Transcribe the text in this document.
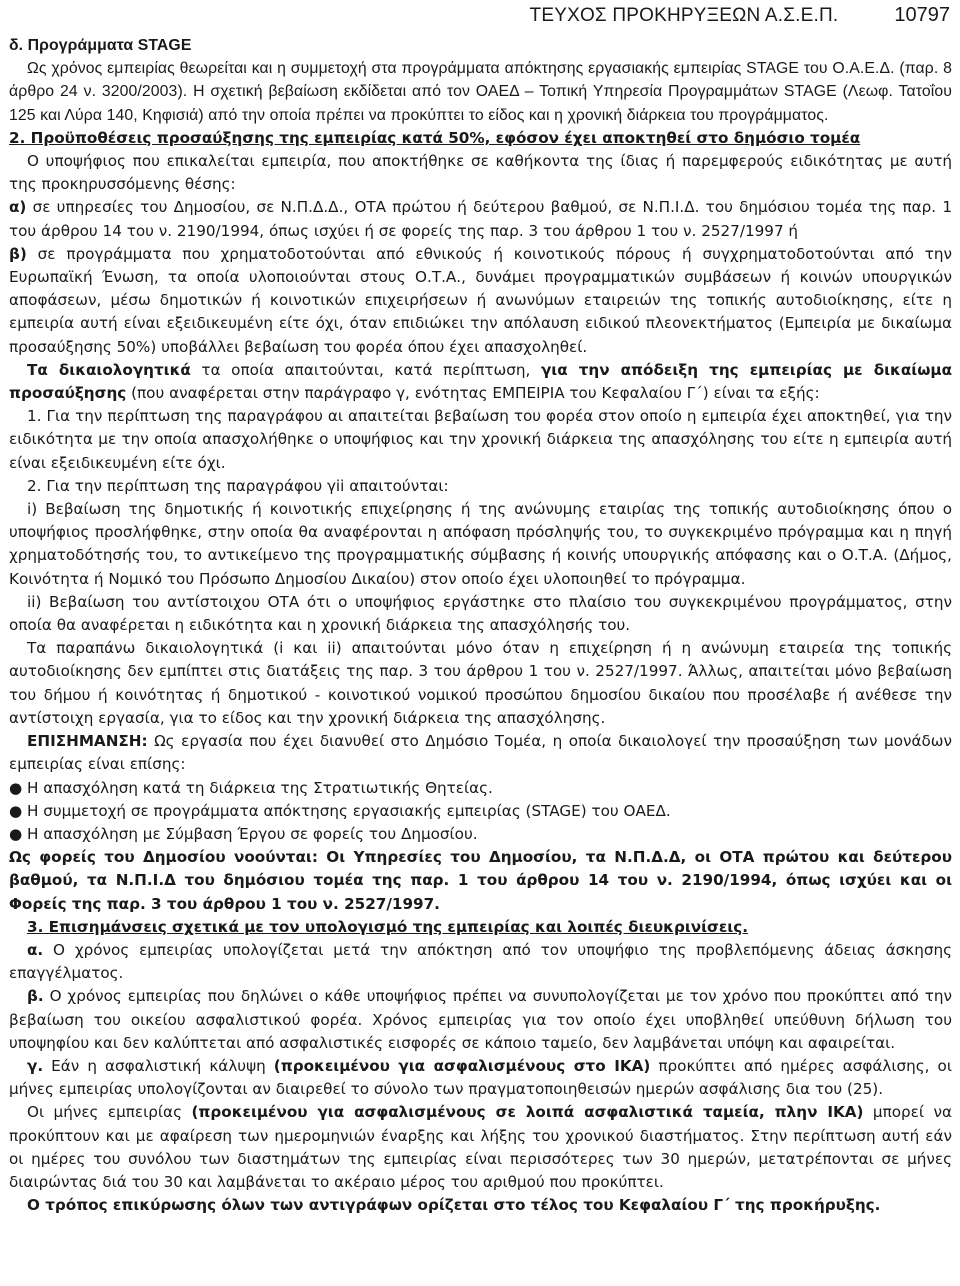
ΤΕΥΧΟΣ ΠΡΟΚΗΡΥΞΕΩΝ Α.Σ.Ε.Π.	10797

δ. Προγράμματα STAGE

Ως χρόνος εμπειρίας θεωρείται και η συμμετοχή στα προγράμματα απόκτησης εργασιακής εμπειρίας STAGE του Ο.Α.Ε.Δ. (παρ. 8 άρθρο 24 ν. 3200/2003). Η σχετική βεβαίωση εκδίδεται από τον ΟΑΕΔ – Τοπική Υπηρεσία Προγραμμάτων STAGE (Λεωφ. Τατοΐου 125 και Λύρα 140, Κηφισιά) από την οποία πρέπει να προκύπτει το είδος και η χρονική διάρκεια του προγράμματος.

2. Προϋποθέσεις προσαύξησης της εμπειρίας κατά 50%, εφόσον έχει αποκτηθεί στο δημόσιο τομέα

Ο υποψήφιος που επικαλείται εμπειρία, που αποκτήθηκε σε καθήκοντα της ίδιας ή παρεμφερούς ειδικότητας με αυτή της προκηρυσσόμενης θέσης:

α) σε υπηρεσίες του Δημοσίου, σε Ν.Π.Δ.Δ., ΟΤΑ πρώτου ή δεύτερου βαθμού, σε Ν.Π.Ι.Δ. του δημόσιου τομέα της παρ. 1 του άρθρου 14 του ν. 2190/1994, όπως ισχύει ή σε φορείς της παρ. 3 του άρθρου 1 του ν. 2527/1997 ή

β) σε προγράμματα που χρηματοδοτούνται από εθνικούς ή κοινοτικούς πόρους ή συγχρηματοδοτούνται από την Ευρωπαϊκή Ένωση, τα οποία υλοποιούνται στους Ο.Τ.Α., δυνάμει προγραμματικών συμβάσεων ή κοινών υπουργικών αποφάσεων, μέσω δημοτικών ή κοινοτικών επιχειρήσεων ή ανωνύμων εταιρειών της τοπικής αυτοδιοίκησης, είτε η εμπειρία αυτή είναι εξειδικευμένη είτε όχι, όταν επιδιώκει την απόλαυση ειδικού πλεονεκτήματος (Εμπειρία με δικαίωμα προσαύξησης 50%) υποβάλλει βεβαίωση του φορέα όπου έχει απασχοληθεί.

Τα δικαιολογητικά τα οποία απαιτούνται, κατά περίπτωση, για την απόδειξη της εμπειρίας με δικαίωμα προσαύξησης (που αναφέρεται στην παράγραφο γ, ενότητας ΕΜΠΕΙΡΙΑ του Κεφαλαίου Γ΄) είναι τα εξής:

1. Για την περίπτωση της παραγράφου αι απαιτείται βεβαίωση του φορέα στον οποίο η εμπειρία έχει αποκτηθεί, για την ειδικότητα με την οποία απασχολήθηκε ο υποψήφιος και την χρονική διάρκεια της απασχόλησης του είτε η εμπειρία αυτή είναι εξειδικευμένη είτε όχι.

2. Για την περίπτωση της παραγράφου γii απαιτούνται:

i) Βεβαίωση της δημοτικής ή κοινοτικής επιχείρησης ή της ανώνυμης εταιρίας της τοπικής αυτοδιοίκησης όπου ο υποψήφιος προσλήφθηκε, στην οποία θα αναφέρονται η απόφαση πρόσληψής του, το συγκεκριμένο πρόγραμμα και η πηγή χρηματοδότησής του, το αντικείμενο της προγραμματικής σύμβασης ή κοινής υπουργικής απόφασης και ο Ο.Τ.Α. (Δήμος, Κοινότητα ή Νομικό του Πρόσωπο Δημοσίου Δικαίου) στον οποίο έχει υλοποιηθεί το πρόγραμμα.

ii) Βεβαίωση του αντίστοιχου ΟΤΑ ότι ο υποψήφιος εργάστηκε στο πλαίσιο του συγκεκριμένου προγράμματος, στην οποία θα αναφέρεται η ειδικότητα και η χρονική διάρκεια της απασχόλησής του.

Τα παραπάνω δικαιολογητικά (i και ii) απαιτούνται μόνο όταν η επιχείρηση ή η ανώνυμη εταιρεία της τοπικής αυτοδιοίκησης δεν εμπίπτει στις διατάξεις της παρ. 3 του άρθρου 1 του ν. 2527/1997. Άλλως, απαιτείται μόνο βεβαίωση του δήμου ή κοινότητας ή δημοτικού - κοινοτικού νομικού προσώπου δημοσίου δικαίου που προσέλαβε ή ανέθεσε την αντίστοιχη εργασία, για το είδος και την χρονική διάρκεια της απασχόλησης.

ΕΠΙΣΗΜΑΝΣΗ: Ως εργασία που έχει διανυθεί στο Δημόσιο Τομέα, η οποία δικαιολογεί την προσαύξηση των μονάδων εμπειρίας είναι επίσης:

● Η απασχόληση κατά τη διάρκεια της Στρατιωτικής Θητείας.
● Η συμμετοχή σε προγράμματα απόκτησης εργασιακής εμπειρίας (STAGE) του ΟΑΕΔ.
● Η απασχόληση με Σύμβαση Έργου σε φορείς του Δημοσίου.

Ως φορείς του Δημοσίου νοούνται: Οι Υπηρεσίες του Δημοσίου, τα Ν.Π.Δ.Δ, οι ΟΤΑ πρώτου και δεύτερου βαθμού, τα Ν.Π.Ι.Δ του δημόσιου τομέα της παρ. 1 του άρθρου 14 του ν. 2190/1994, όπως ισχύει και οι Φορείς της παρ. 3 του άρθρου 1 του ν. 2527/1997.

3. Επισημάνσεις σχετικά με τον υπολογισμό της εμπειρίας και λοιπές διευκρινίσεις.

α. Ο χρόνος εμπειρίας υπολογίζεται μετά την απόκτηση από τον υποψήφιο της προβλεπόμενης άδειας άσκησης επαγγέλματος.

β. Ο χρόνος εμπειρίας που δηλώνει ο κάθε υποψήφιος πρέπει να συνυπολογίζεται με τον χρόνο που προκύπτει από την βεβαίωση του οικείου ασφαλιστικού φορέα. Χρόνος εμπειρίας για τον οποίο έχει υποβληθεί υπεύθυνη δήλωση του υποψηφίου και δεν καλύπτεται από ασφαλιστικές εισφορές σε κάποιο ταμείο, δεν λαμβάνεται υπόψη και αφαιρείται.

γ. Εάν η ασφαλιστική κάλυψη (προκειμένου για ασφαλισμένους στο ΙΚΑ) προκύπτει από ημέρες ασφάλισης, οι μήνες εμπειρίας υπολογίζονται αν διαιρεθεί το σύνολο των πραγματοποιηθεισών ημερών ασφάλισης δια του (25).

Οι μήνες εμπειρίας (προκειμένου για ασφαλισμένους σε λοιπά ασφαλιστικά ταμεία, πλην ΙΚΑ) μπορεί να προκύπτουν και με αφαίρεση των ημερομηνιών έναρξης και λήξης του χρονικού διαστήματος. Στην περίπτωση αυτή εάν οι ημέρες του συνόλου των διαστημάτων της εμπειρίας είναι περισσότερες των 30 ημερών, μετατρέπονται σε μήνες διαιρώντας διά του 30 και λαμβάνεται το ακέραιο μέρος του αριθμού που προκύπτει.

Ο τρόπος επικύρωσης όλων των αντιγράφων ορίζεται στο τέλος του Κεφαλαίου Γ΄ της προκήρυξης.
